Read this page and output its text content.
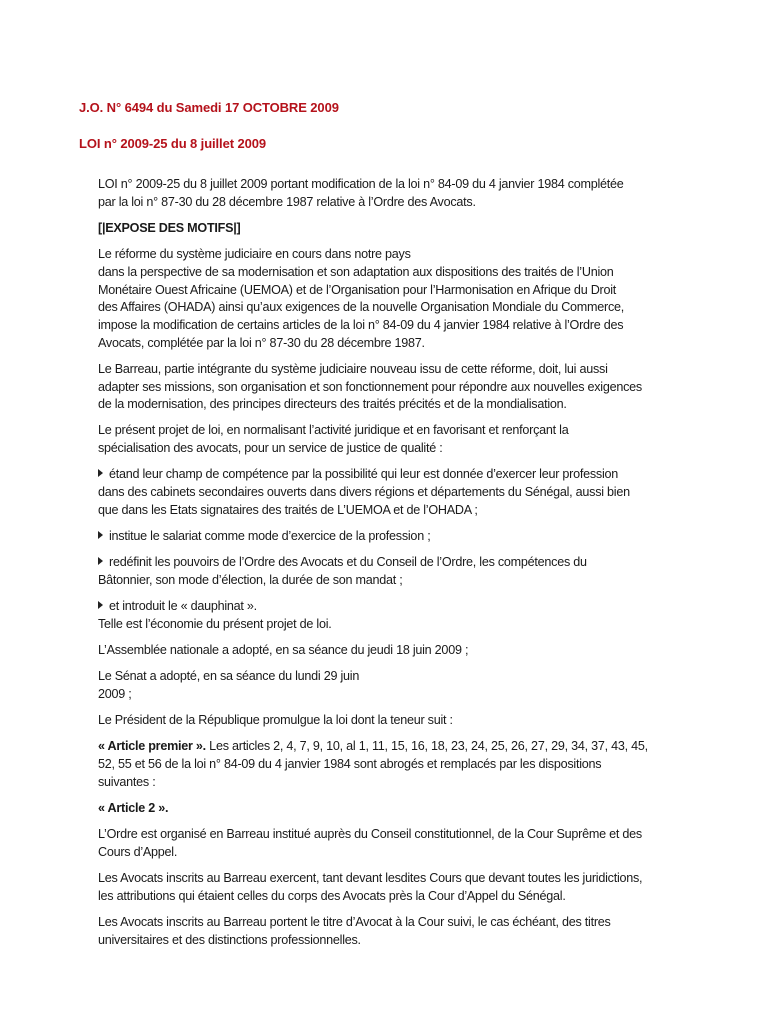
J.O. N° 6494 du Samedi 17 OCTOBRE 2009
LOI n° 2009-25 du 8 juillet 2009
LOI n° 2009-25 du 8 juillet 2009 portant modification de la loi n° 84-09 du 4 janvier 1984 complétée
par la loi n° 87-30 du 28 décembre 1987 relative à l’Ordre des Avocats.
[|EXPOSE DES MOTIFS|]
Le réforme du système judiciaire en cours dans notre pays
dans la perspective de sa modernisation et son adaptation aux dispositions des traités de l’Union
Monétaire Ouest Africaine (UEMOA) et de l’Organisation pour l’Harmonisation en Afrique du Droit
des Affaires (OHADA) ainsi qu’aux exigences de la nouvelle Organisation Mondiale du Commerce,
impose la modification de certains articles de la loi n° 84-09 du 4 janvier 1984 relative à l’Ordre des
Avocats, complétée par la loi n° 87-30 du 28 décembre 1987.
Le Barreau, partie intégrante du système judiciaire nouveau issu de cette réforme, doit, lui aussi
adapter ses missions, son organisation et son fonctionnement pour répondre aux nouvelles exigences
de la modernisation, des principes directeurs des traités précités et de la mondialisation.
Le présent projet de loi, en normalisant l’activité juridique et en favorisant et renforçant la
spécialisation des avocats, pour un service de justice de qualité :
étand leur champ de compétence par la possibilité qui leur est donnée d’exercer leur profession
dans des cabinets secondaires ouverts dans divers régions et départements du Sénégal, aussi bien
que dans les Etats signataires des traités de L’UEMOA et de l’OHADA ;
institue le salariat comme mode d’exercice de la profession ;
redéfinit les pouvoirs de l’Ordre des Avocats et du Conseil de l’Ordre, les compétences du
Bâtonnier, son mode d’élection, la durée de son mandat ;
et introduit le « dauphinat ».
Telle est l’économie du présent projet de loi.
L’Assemblée nationale a adopté, en sa séance du jeudi 18 juin 2009 ;
Le Sénat a adopté, en sa séance du lundi 29 juin
2009 ;
Le Président de la République promulgue la loi dont la teneur suit :
« Article premier ». Les articles 2, 4, 7, 9, 10, al 1, 11, 15, 16, 18, 23, 24, 25, 26, 27, 29, 34, 37, 43, 45,
52, 55 et 56 de la loi n° 84-09 du 4 janvier 1984 sont abrogés et remplacés par les dispositions
suivantes :
« Article 2 ».
L’Ordre est organisé en Barreau institué auprès du Conseil constitutionnel, de la Cour Suprême et des
Cours d’Appel.
Les Avocats inscrits au Barreau exercent, tant devant lesdites Cours que devant toutes les juridictions,
les attributions qui étaient celles du corps des Avocats près la Cour d’Appel du Sénégal.
Les Avocats inscrits au Barreau portent le titre d’Avocat à la Cour suivi, le cas échéant, des titres
universitaires et des distinctions professionnelles.
